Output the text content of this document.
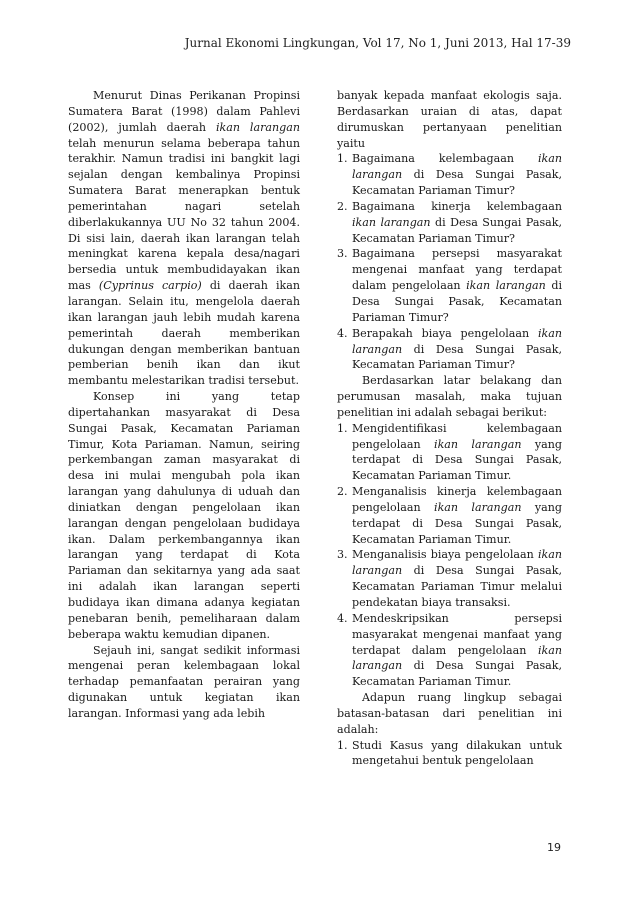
Jurnal Ekonomi Lingkungan, Vol 17, No 1, Juni 2013, Hal 17-39

Menurut Dinas Perikanan Propinsi Sumatera Barat (1998) dalam Pahlevi (2002), jumlah daerah ikan larangan telah menurun selama beberapa tahun terakhir. Namun tradisi ini bangkit lagi sejalan dengan kembalinya Propinsi Sumatera Barat menerapkan bentuk pemerintahan nagari setelah diberlakukannya UU No 32 tahun 2004. Di sisi lain, daerah ikan larangan telah meningkat karena kepala desa/nagari bersedia untuk membudidayakan ikan mas (Cyprinus carpio) di daerah ikan larangan. Selain itu, mengelola daerah ikan larangan jauh lebih mudah karena pemerintah daerah memberikan dukungan dengan memberikan bantuan pemberian benih ikan dan ikut membantu melestarikan tradisi tersebut.

Konsep ini yang tetap dipertahankan masyarakat di Desa Sungai Pasak, Kecamatan Pariaman Timur, Kota Pariaman. Namun, seiring perkembangan zaman masyarakat di desa ini mulai mengubah pola ikan larangan yang dahulunya di uduah dan diniatkan dengan pengelolaan ikan larangan dengan pengelolaan budidaya ikan. Dalam perkembangannya ikan larangan yang terdapat di Kota Pariaman dan sekitarnya yang ada saat ini adalah ikan larangan seperti budidaya ikan dimana adanya kegiatan penebaran benih, pemeliharaan dalam beberapa waktu kemudian dipanen.

Sejauh ini, sangat sedikit informasi mengenai peran kelembagaan lokal terhadap pemanfaatan perairan yang digunakan untuk kegiatan ikan larangan. Informasi yang ada lebih

banyak kepada manfaat ekologis saja. Berdasarkan uraian di atas, dapat dirumuskan pertanyaan penelitian yaitu

1. Bagaimana kelembagaan ikan larangan di Desa Sungai Pasak, Kecamatan Pariaman Timur?
2. Bagaimana kinerja kelembagaan ikan larangan di Desa Sungai Pasak, Kecamatan Pariaman Timur?
3. Bagaimana persepsi masyarakat mengenai manfaat yang terdapat dalam pengelolaan ikan larangan di Desa Sungai Pasak, Kecamatan Pariaman Timur?
4. Berapakah biaya pengelolaan ikan larangan di Desa Sungai Pasak, Kecamatan Pariaman Timur?

Berdasarkan latar belakang dan perumusan masalah, maka tujuan penelitian ini adalah sebagai berikut:

1. Mengidentifikasi kelembagaan pengelolaan ikan larangan yang terdapat di Desa Sungai Pasak, Kecamatan Pariaman Timur.
2. Menganalisis kinerja kelembagaan pengelolaan ikan larangan yang terdapat di Desa Sungai Pasak, Kecamatan Pariaman Timur.
3. Menganalisis biaya pengelolaan ikan larangan di Desa Sungai Pasak, Kecamatan Pariaman Timur melalui pendekatan biaya transaksi.
4. Mendeskripsikan persepsi masyarakat mengenai manfaat yang terdapat dalam pengelolaan ikan larangan di Desa Sungai Pasak, Kecamatan Pariaman Timur.

Adapun ruang lingkup sebagai batasan-batasan dari penelitian ini adalah:

1. Studi Kasus yang dilakukan untuk mengetahui bentuk pengelolaan
19
